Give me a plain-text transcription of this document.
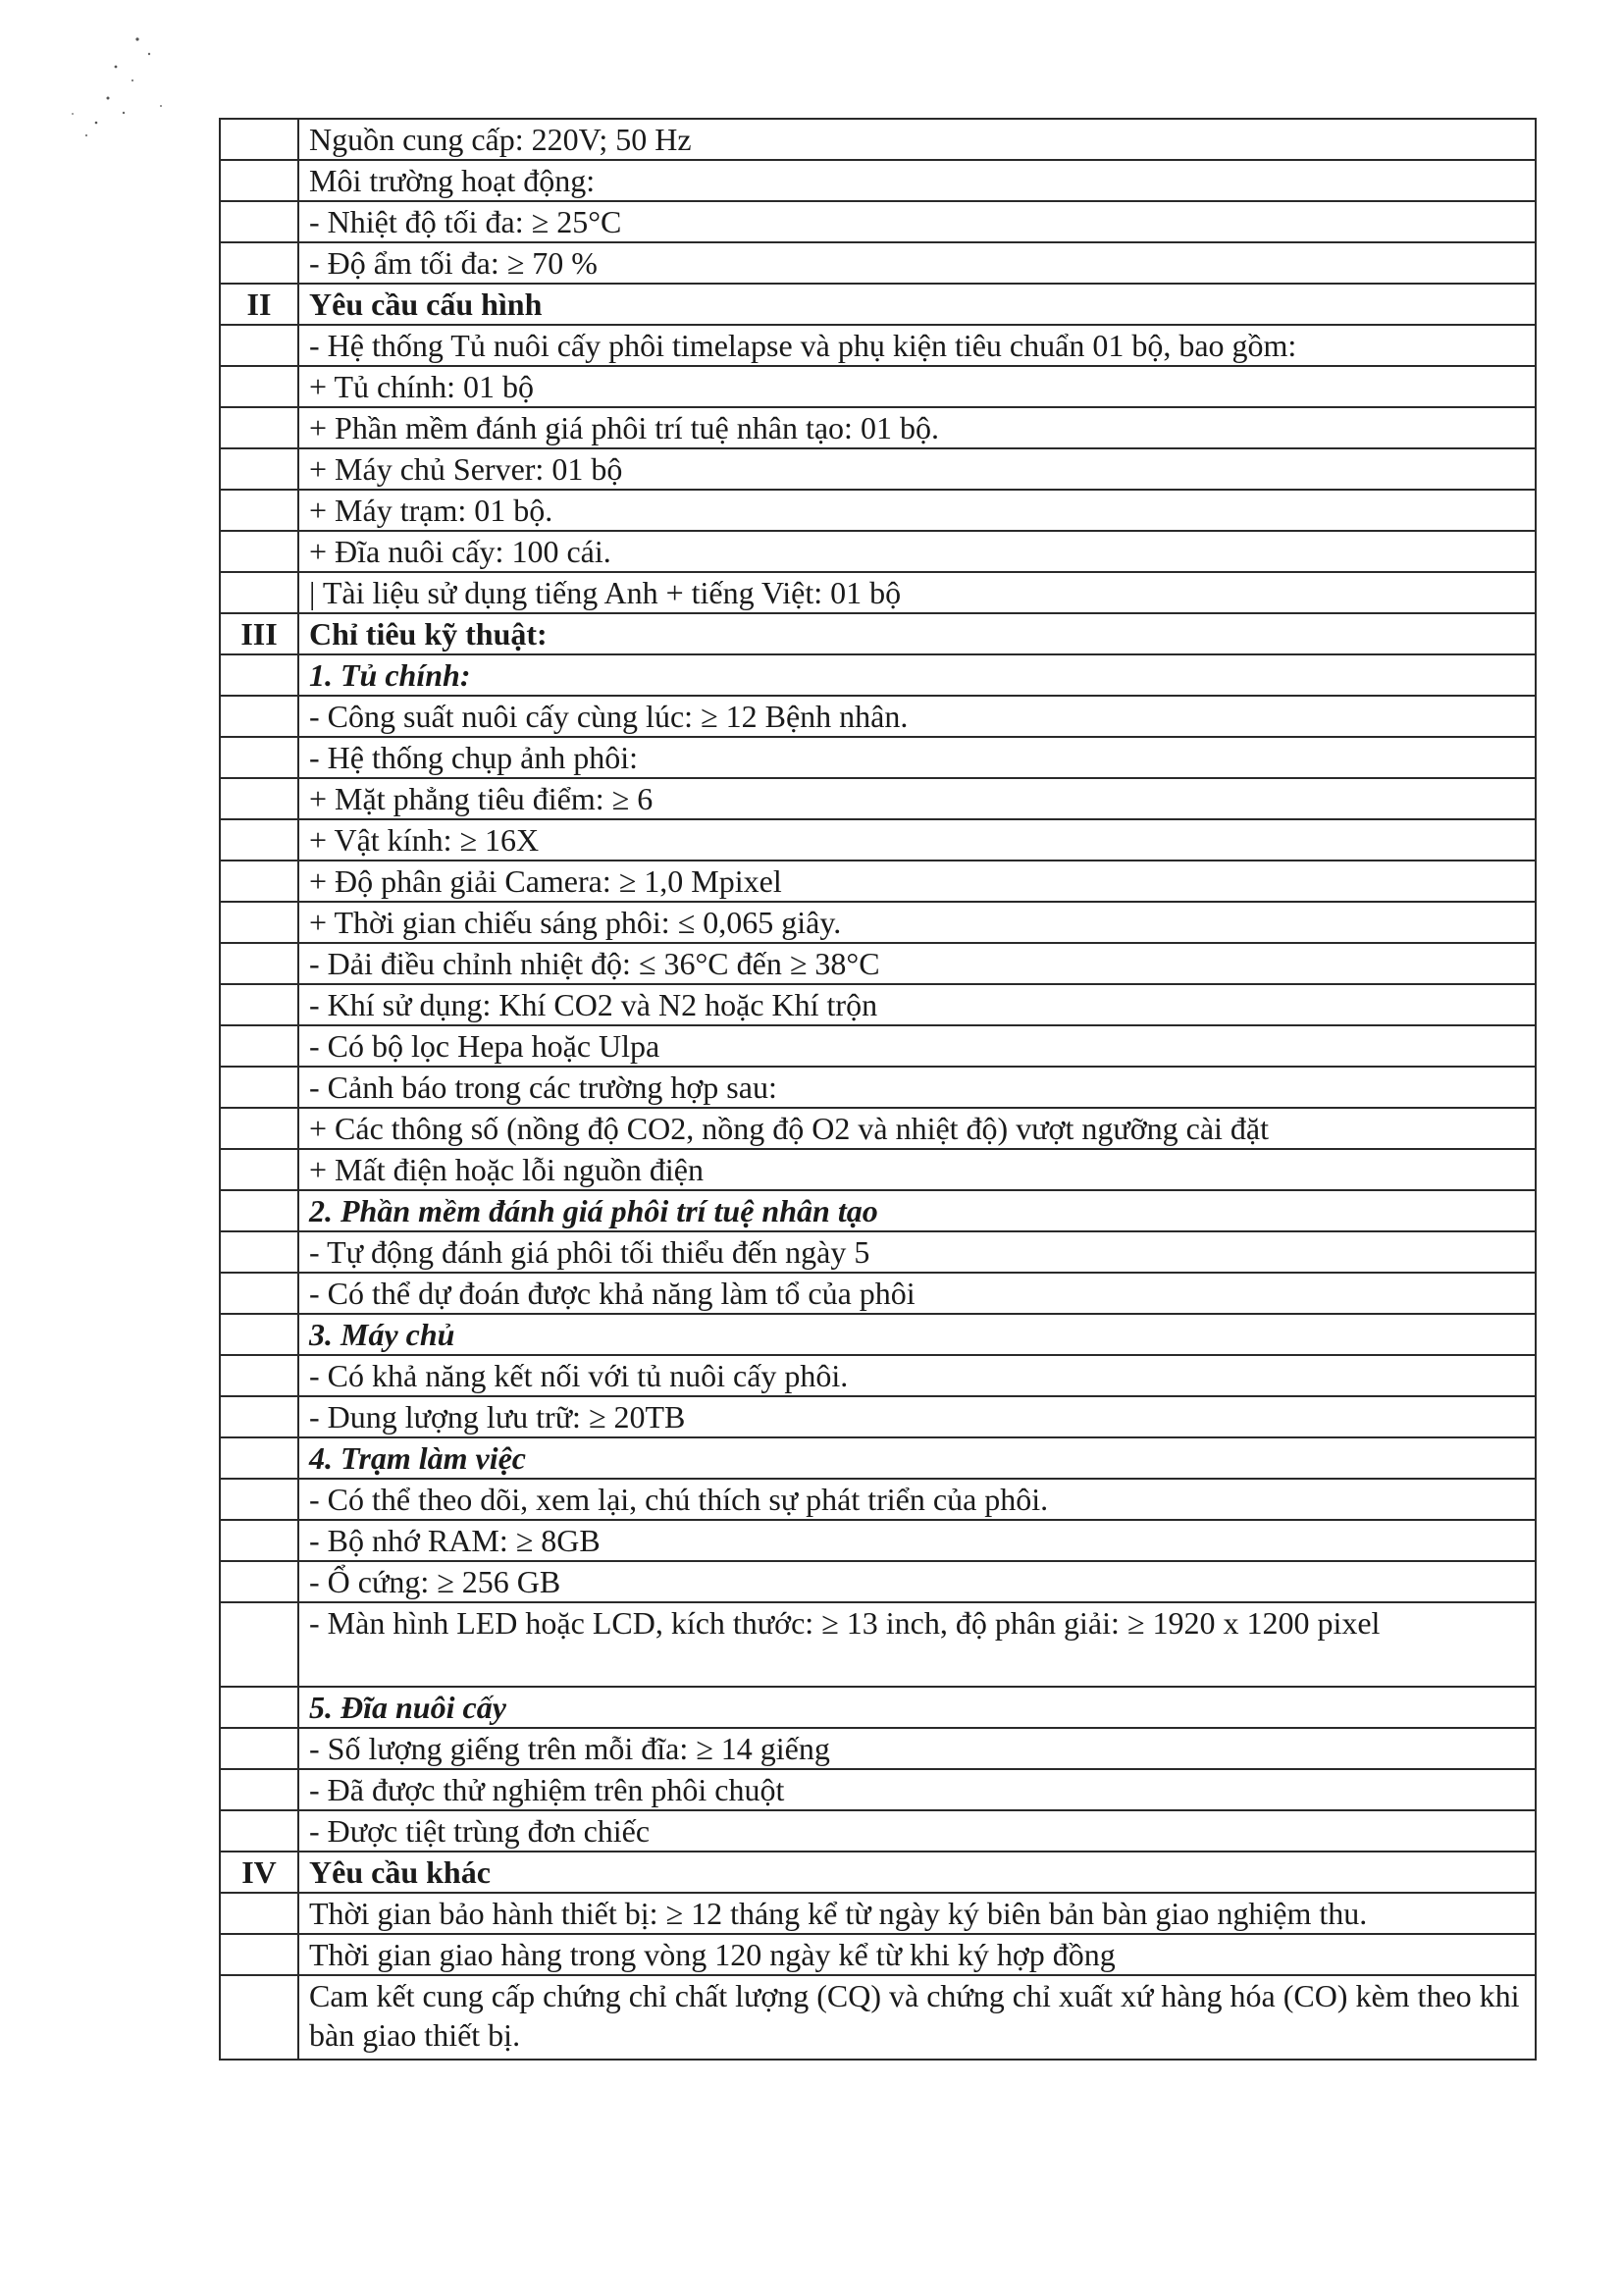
	Nguồn cung cấp: 220V; 50 Hz
	Môi trường hoạt động:
	- Nhiệt độ tối đa: ≥ 25°C
	- Độ ẩm tối đa: ≥ 70 %
II	Yêu cầu cấu hình
	- Hệ thống Tủ nuôi cấy phôi timelapse và phụ kiện tiêu chuẩn 01 bộ, bao gồm:
	+ Tủ chính: 01 bộ
	+ Phần mềm đánh giá phôi trí tuệ nhân tạo: 01 bộ.
	+ Máy chủ Server: 01 bộ
	+ Máy trạm: 01 bộ.
	+ Đĩa nuôi cấy: 100 cái.
	| Tài liệu sử dụng tiếng Anh + tiếng Việt: 01 bộ
III	Chỉ tiêu kỹ thuật:
	1. Tủ chính:
	- Công suất nuôi cấy cùng lúc: ≥ 12 Bệnh nhân.
	- Hệ thống chụp ảnh phôi:
	+ Mặt phẳng tiêu điểm: ≥ 6
	+ Vật kính: ≥ 16X
	+ Độ phân giải Camera: ≥ 1,0 Mpixel
	+ Thời gian chiếu sáng phôi: ≤ 0,065 giây.
	- Dải điều chỉnh nhiệt độ: ≤ 36°C đến ≥ 38°C
	- Khí sử dụng: Khí CO2 và N2 hoặc Khí trộn
	- Có bộ lọc Hepa hoặc Ulpa
	- Cảnh báo trong các trường hợp sau:
	+ Các thông số (nồng độ CO2, nồng độ O2 và nhiệt độ) vượt ngưỡng cài đặt
	+ Mất điện hoặc lỗi nguồn điện
	2. Phần mềm đánh giá phôi trí tuệ nhân tạo
	- Tự động đánh giá phôi tối thiểu đến ngày 5
	- Có thể dự đoán được khả năng làm tổ của phôi
	3. Máy chủ
	- Có khả năng kết nối với tủ nuôi cấy phôi.
	- Dung lượng lưu trữ: ≥ 20TB
	4. Trạm làm việc
	- Có thể theo dõi, xem lại, chú thích sự phát triển của phôi.
	- Bộ nhớ RAM: ≥ 8GB
	- Ổ cứng: ≥ 256 GB
	- Màn hình LED hoặc LCD, kích thước: ≥ 13 inch, độ phân giải: ≥ 1920 x 1200 pixel
	5. Đĩa nuôi cấy
	- Số lượng giếng trên mỗi đĩa: ≥ 14 giếng
	- Đã được thử nghiệm trên phôi chuột
	- Được tiệt trùng đơn chiếc
IV	Yêu cầu khác
	Thời gian bảo hành thiết bị: ≥ 12 tháng kể từ ngày ký biên bản bàn giao nghiệm thu.
	Thời gian giao hàng trong vòng 120 ngày kể từ khi ký hợp đồng
	Cam kết cung cấp chứng chỉ chất lượng (CQ) và chứng chỉ xuất xứ hàng hóa (CO) kèm theo khi bàn giao thiết bị.
